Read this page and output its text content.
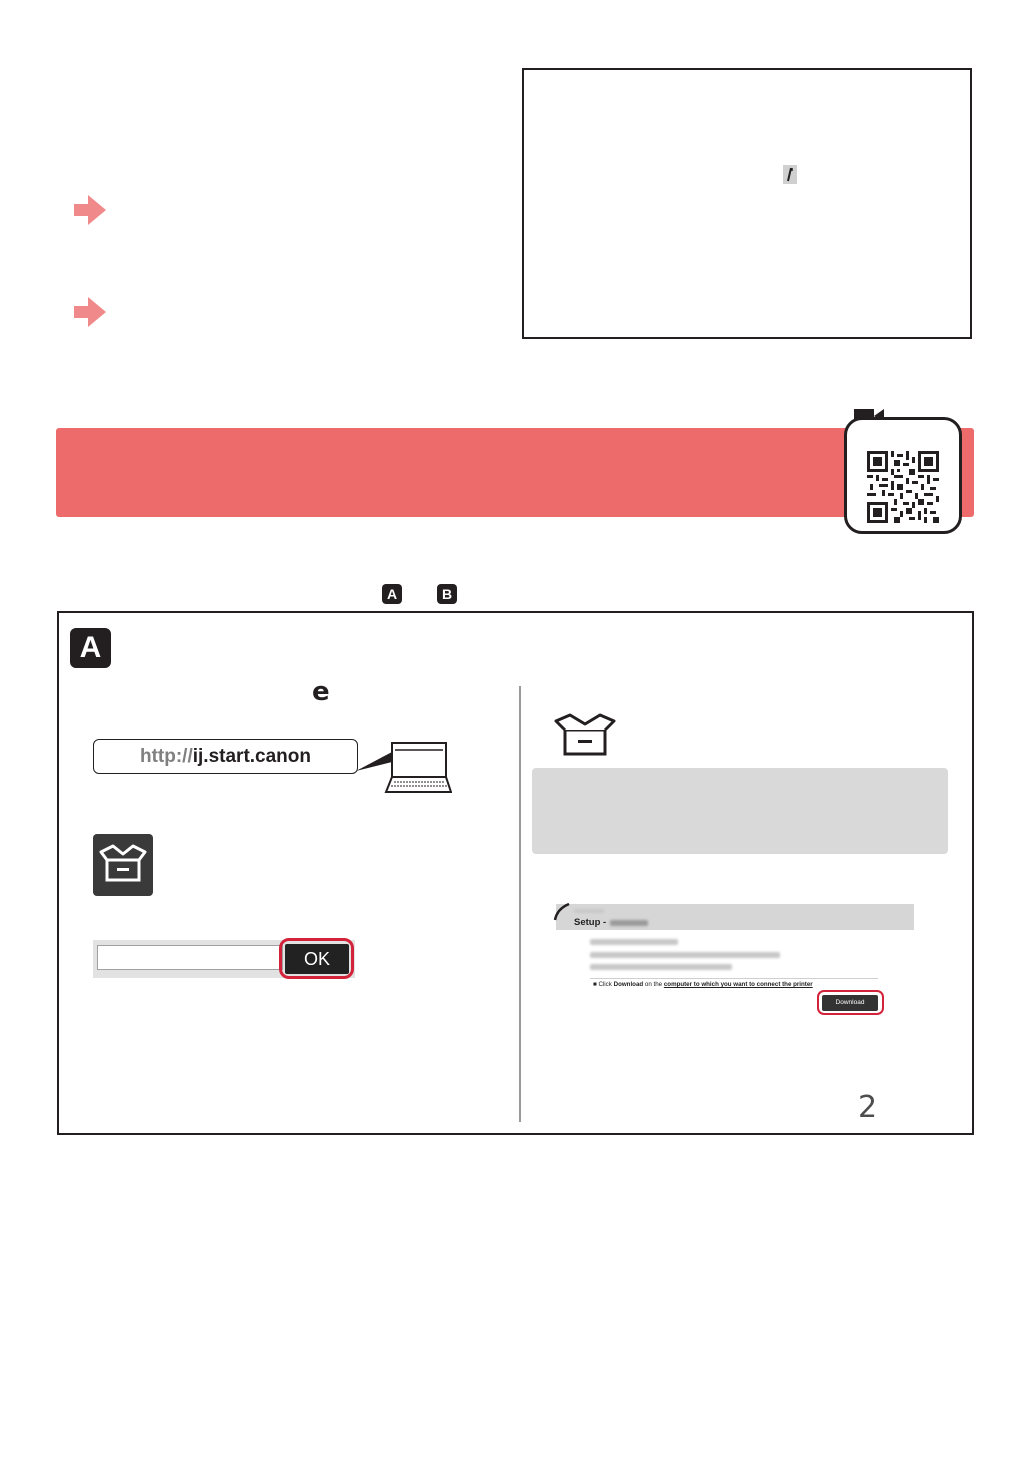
A	B
A
e
http://ij.start.canon
OK
Setup -
■ Click Download on the computer to which you want to connect the printer
Download
2
